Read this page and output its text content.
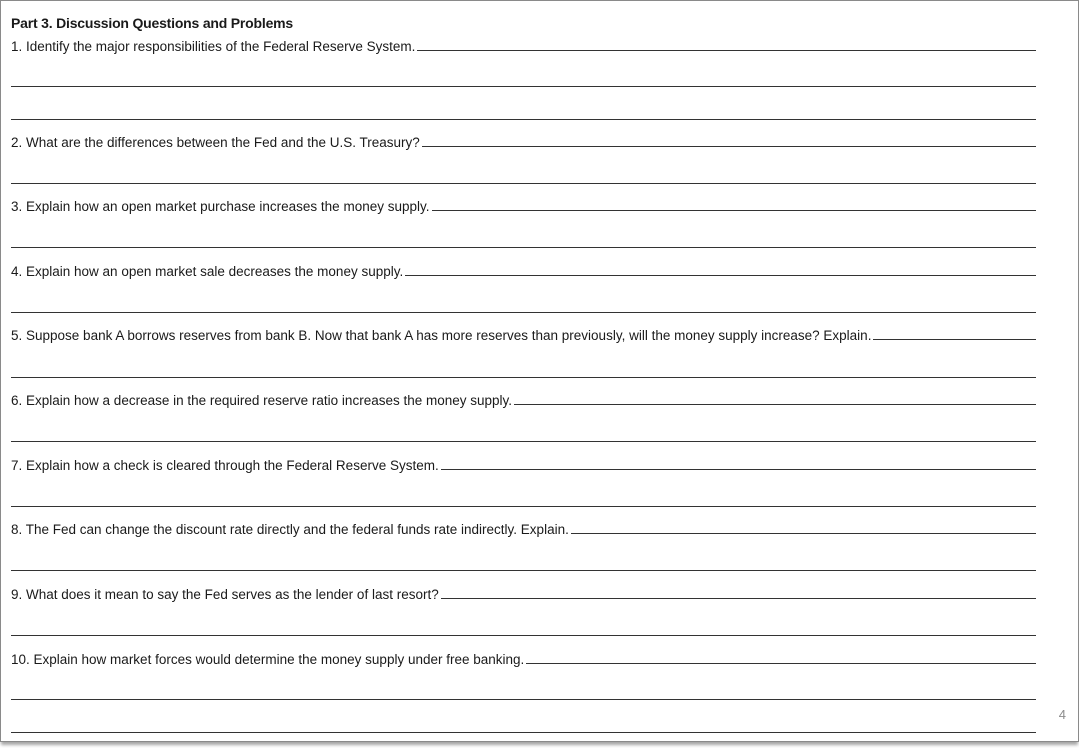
Part 3. Discussion Questions and Problems
1. Identify the major responsibilities of the Federal Reserve System.
2. What are the differences between the Fed and the U.S. Treasury?
3. Explain how an open market purchase increases the money supply.
4. Explain how an open market sale decreases the money supply.
5. Suppose bank A borrows reserves from bank B. Now that bank A has more reserves than previously, will the money supply increase? Explain.
6. Explain how a decrease in the required reserve ratio increases the money supply.
7. Explain how a check is cleared through the Federal Reserve System.
8. The Fed can change the discount rate directly and the federal funds rate indirectly. Explain.
9. What does it mean to say the Fed serves as the lender of last resort?
10. Explain how market forces would determine the money supply under free banking.
4
